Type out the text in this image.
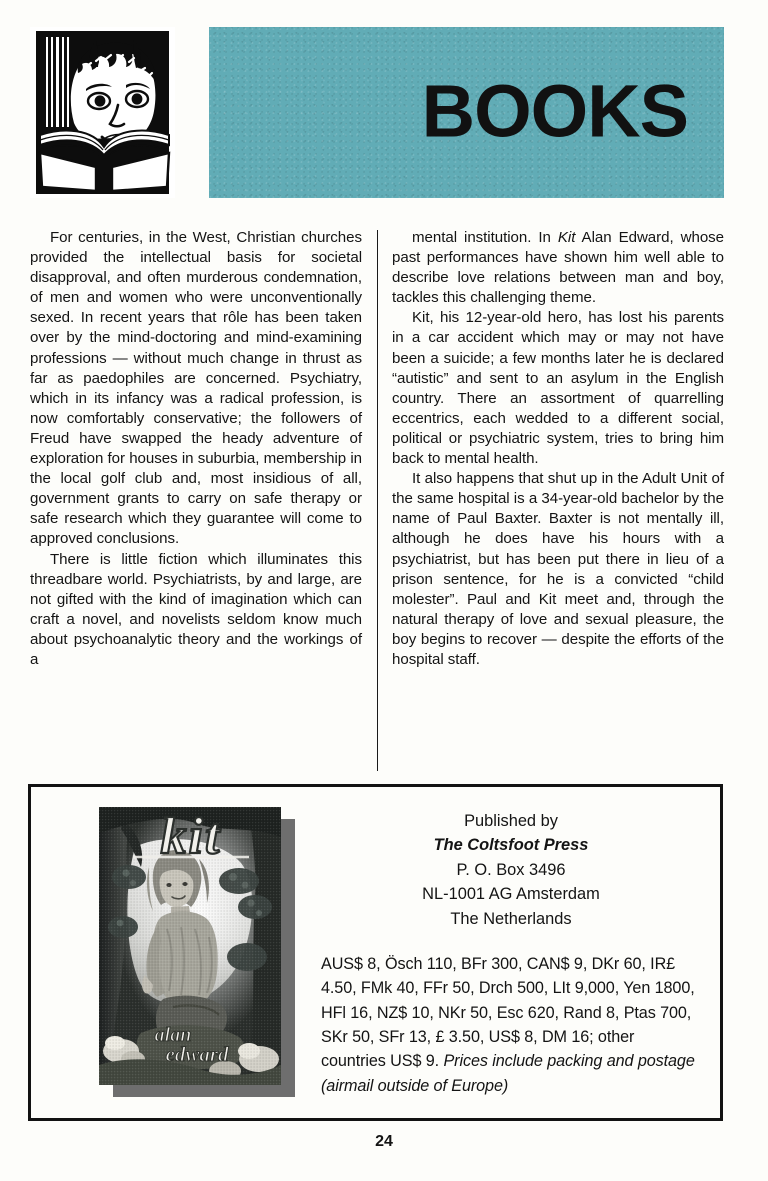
BOOKS

For centuries, in the West, Christian churches provided the intellectual basis for societal disapproval, and often murderous condemnation, of men and women who were unconventionally sexed. In recent years that rôle has been taken over by the mind-doctoring and mind-examining professions — without much change in thrust as far as paedophiles are concerned. Psychiatry, which in its infancy was a radical profession, is now comfortably conservative; the followers of Freud have swapped the heady adventure of exploration for houses in suburbia, membership in the local golf club and, most insidious of all, government grants to carry on safe therapy or safe research which they guarantee will come to approved conclusions.

There is little fiction which illuminates this threadbare world. Psychiatrists, by and large, are not gifted with the kind of imagination which can craft a novel, and novelists seldom know much about psychoanalytic theory and the workings of a

mental institution. In Kit Alan Edward, whose past performances have shown him well able to describe love relations between man and boy, tackles this challenging theme.

Kit, his 12-year-old hero, has lost his parents in a car accident which may or may not have been a suicide; a few months later he is declared “autistic” and sent to an asylum in the English country. There an assortment of quarrelling eccentrics, each wedded to a different social, political or psychiatric system, tries to bring him back to mental health.

It also happens that shut up in the Adult Unit of the same hospital is a 34-year-old bachelor by the name of Paul Baxter. Baxter is not mentally ill, although he does have his hours with a psychiatrist, but has been put there in lieu of a prison sentence, for he is a convicted “child molester”. Paul and Kit meet and, through the natural therapy of love and sexual pleasure, the boy begins to recover — despite the efforts of the hospital staff.

kit
alan
edward
Published by
The Coltsfoot Press
P. O. Box 3496
NL-1001 AG Amsterdam
The Netherlands
AUS$ 8, Ösch 110, BFr 300, CAN$ 9, DKr 60, IR£ 4.50, FMk 40, FFr 50, Drch 500, LIt 9,000, Yen 1800, HFl 16, NZ$ 10, NKr 50, Esc 620, Rand 8, Ptas 700, SKr 50, SFr 13, £ 3.50, US$ 8, DM 16; other countries US$ 9. Prices include packing and postage (airmail outside of Europe)
24
